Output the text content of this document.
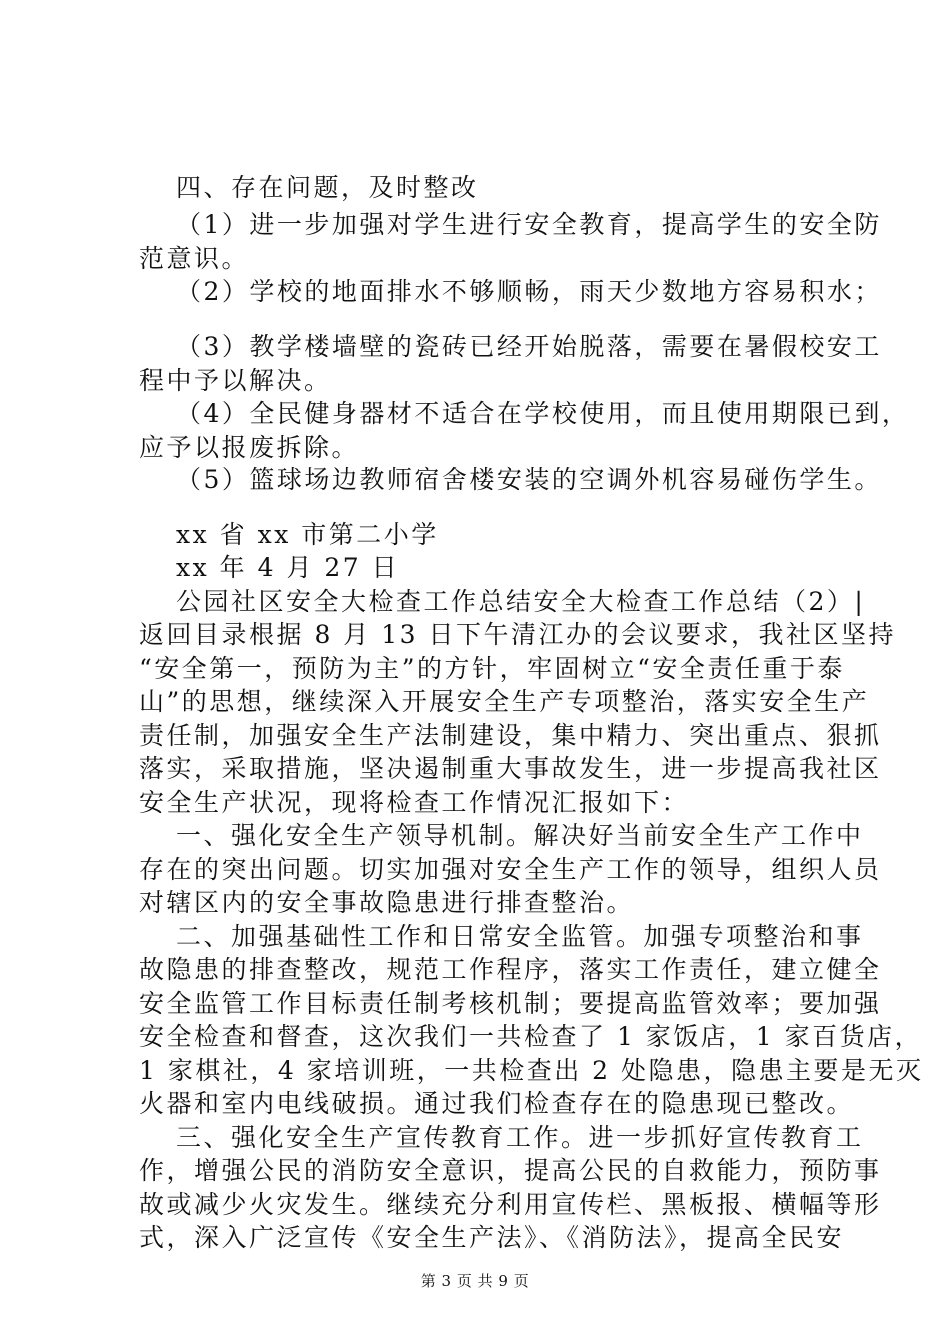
四、存在问题，及时整改
（1）进一步加强对学生进行安全教育，提高学生的安全防
范意识。
（2）学校的地面排水不够顺畅，雨天少数地方容易积水；
（3）教学楼墙壁的瓷砖已经开始脱落，需要在暑假校安工
程中予以解决。
（4）全民健身器材不适合在学校使用，而且使用期限已到，
应予以报废拆除。
（5）篮球场边教师宿舍楼安装的空调外机容易碰伤学生。
xx 省 xx 市第二小学
xx 年 4 月 27 日
公园社区安全大检查工作总结安全大检查工作总结（2）|
返回目录根据 8 月 13 日下午清江办的会议要求，我社区坚持
“安全第一，预防为主”的方针，牢固树立“安全责任重于泰
山”的思想，继续深入开展安全生产专项整治，落实安全生产
责任制，加强安全生产法制建设，集中精力、突出重点、狠抓
落实，采取措施，坚决遏制重大事故发生，进一步提高我社区
安全生产状况，现将检查工作情况汇报如下：
一、强化安全生产领导机制。解决好当前安全生产工作中
存在的突出问题。切实加强对安全生产工作的领导，组织人员
对辖区内的安全事故隐患进行排查整治。
二、加强基础性工作和日常安全监管。加强专项整治和事
故隐患的排查整改，规范工作程序，落实工作责任，建立健全
安全监管工作目标责任制考核机制；要提高监管效率；要加强
安全检查和督查，这次我们一共检查了 1 家饭店，1 家百货店，
1 家棋社，4 家培训班，一共检查出 2 处隐患，隐患主要是无灭
火器和室内电线破损。通过我们检查存在的隐患现已整改。
三、强化安全生产宣传教育工作。进一步抓好宣传教育工
作，增强公民的消防安全意识，提高公民的自救能力，预防事
故或减少火灾发生。继续充分利用宣传栏、黑板报、横幅等形
式，深入广泛宣传《安全生产法》、《消防法》，提高全民安
第 3 页 共 9 页
